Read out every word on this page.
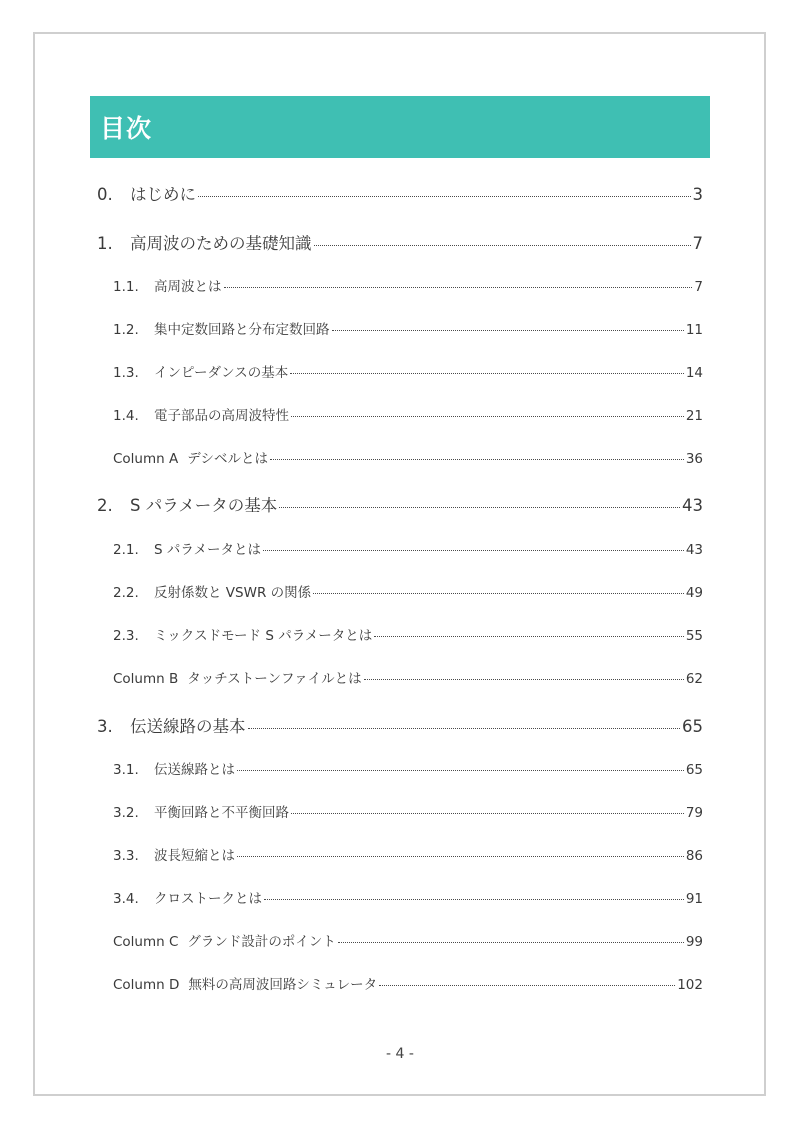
目次
0.	はじめに	3
1.	高周波のための基礎知識	7
1.1.	高周波とは	7
1.2.	集中定数回路と分布定数回路	11
1.3.	インピーダンスの基本	14
1.4.	電子部品の高周波特性	21
Column A デシベルとは	36
2.	S パラメータの基本	43
2.1.	S パラメータとは	43
2.2.	反射係数と VSWR の関係	49
2.3.	ミックスドモード S パラメータとは	55
Column B タッチストーンファイルとは	62
3.	伝送線路の基本	65
3.1.	伝送線路とは	65
3.2.	平衡回路と不平衡回路	79
3.3.	波長短縮とは	86
3.4.	クロストークとは	91
Column C グランド設計のポイント	99
Column D 無料の高周波回路シミュレータ	102
- 4 -
